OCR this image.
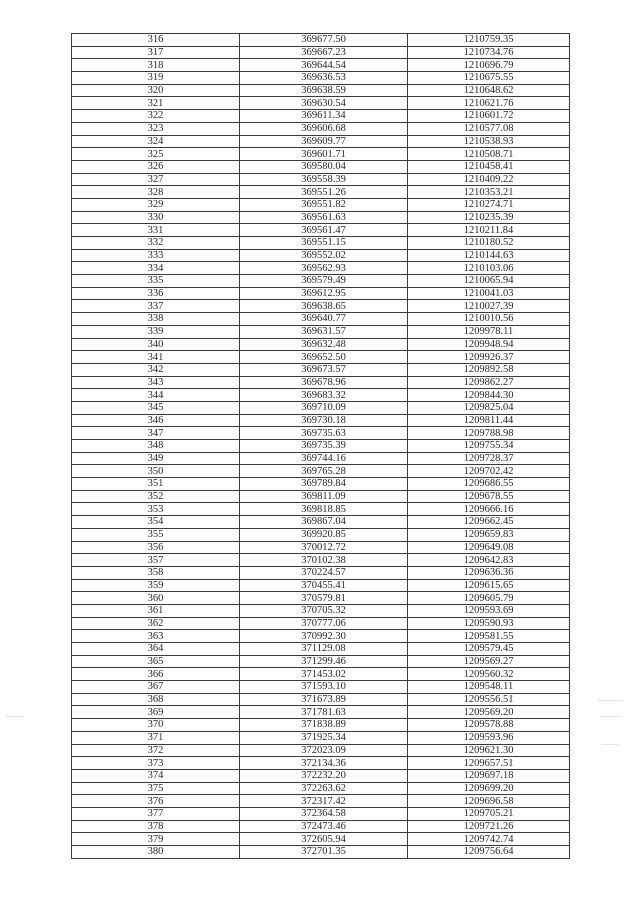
316	369677.50	1210759.35
317	369667.23	1210734.76
318	369644.54	1210696.79
319	369636.53	1210675.55
320	369638.59	1210648.62
321	369630.54	1210621.76
322	369611.34	1210601.72
323	369606.68	1210577.08
324	369609.77	1210538.93
325	369601.71	1210508.71
326	369580.04	1210458.41
327	369558.39	1210409.22
328	369551.26	1210353.21
329	369551.82	1210274.71
330	369561.63	1210235.39
331	369561.47	1210211.84
332	369551.15	1210180.52
333	369552.02	1210144.63
334	369562.93	1210103.06
335	369579.49	1210065.94
336	369612.95	1210041.03
337	369638.65	1210027.39
338	369640.77	1210010.56
339	369631.57	1209978.11
340	369632.48	1209948.94
341	369652.50	1209926.37
342	369673.57	1209892.58
343	369678.96	1209862.27
344	369683.32	1209844.30
345	369710.09	1209825.04
346	369730.18	1209811.44
347	369735.63	1209788.98
348	369735.39	1209755.34
349	369744.16	1209728.37
350	369765.28	1209702.42
351	369789.84	1209686.55
352	369811.09	1209678.55
353	369818.85	1209666.16
354	369867.04	1209662.45
355	369920.85	1209659.83
356	370012.72	1209649.08
357	370102.38	1209642.83
358	370224.57	1209636.36
359	370455.41	1209615.65
360	370579.81	1209605.79
361	370705.32	1209593.69
362	370777.06	1209590.93
363	370992.30	1209581.55
364	371129.08	1209579.45
365	371299.46	1209569.27
366	371453.02	1209560.32
367	371593.10	1209548.11
368	371673.89	1209556.51
369	371781.63	1209569.20
370	371838.89	1209578.88
371	371925.34	1209593.96
372	372023.09	1209621.30
373	372134.36	1209657.51
374	372232.20	1209697.18
375	372263.62	1209699.20
376	372317.42	1209696.58
377	372364.58	1209705.21
378	372473.46	1209721.26
379	372605.94	1209742.74
380	372701.35	1209756.64
